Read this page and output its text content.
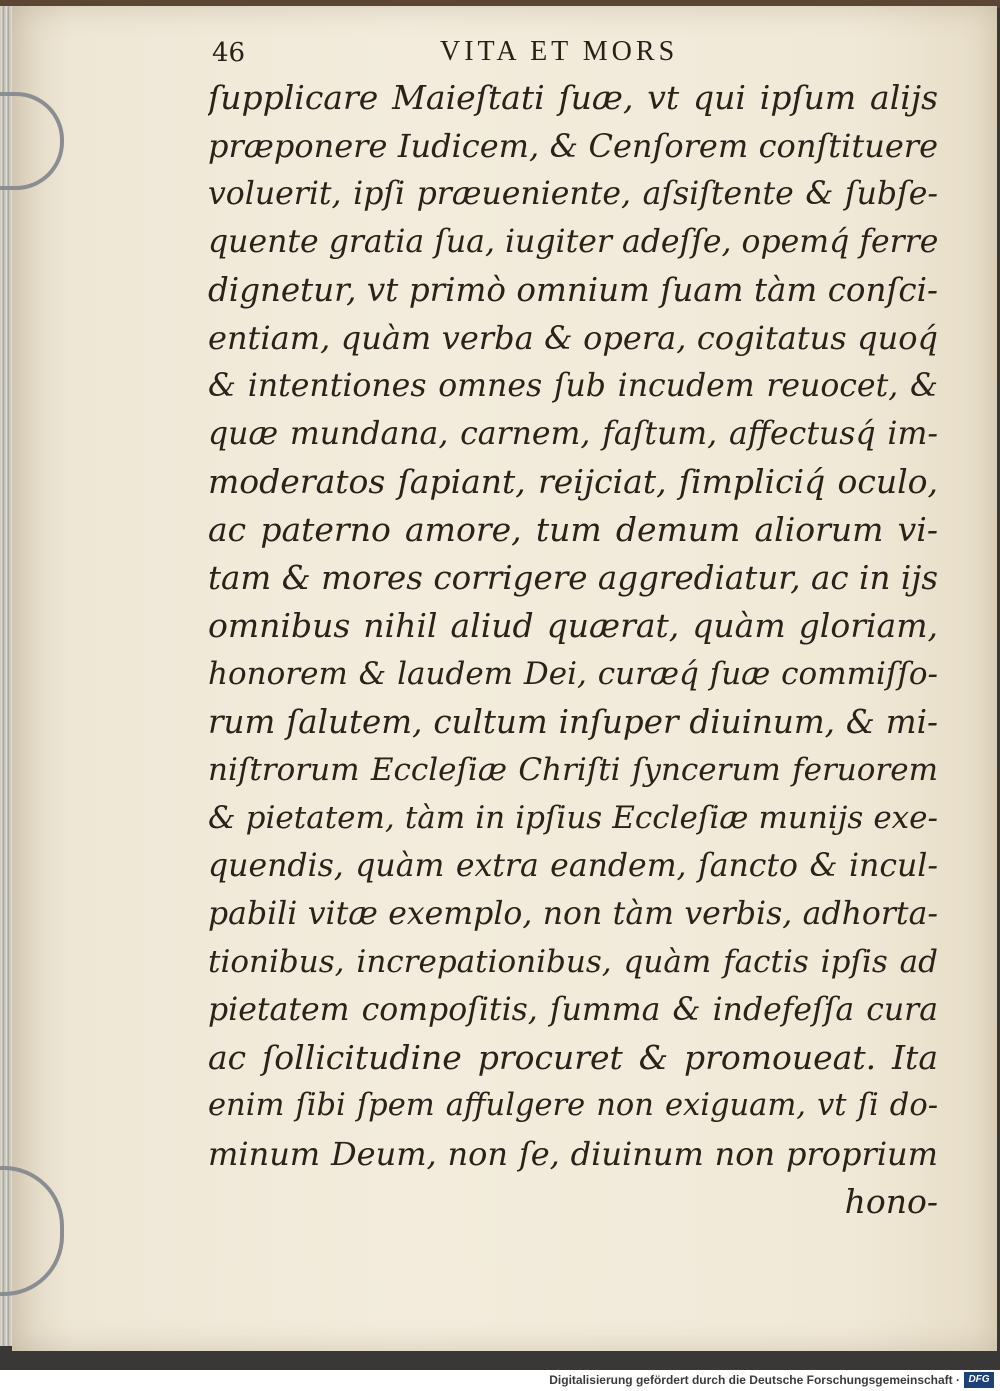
46	VITA ET MORS
ſupplicare Maieſtati ſuæ, vt qui ipſum alijs
præponere Iudicem, & Cenſorem conſtituere
voluerit, ipſi præueniente, aſsiſtente & ſubſe-
quente gratia ſua, iugiter adeſſe, opemq́ ferre
dignetur, vt primò omnium ſuam tàm conſci-
entiam, quàm verba & opera, cogitatus quoq́
& intentiones omnes ſub incudem reuocet, &
quæ mundana, carnem, faſtum, affectusq́ im-
moderatos ſapiant, reijciat, ſimpliciq́ oculo,
ac paterno amore, tum demum aliorum vi-
tam & mores corrigere aggrediatur, ac in ijs
omnibus nihil aliud quærat, quàm gloriam,
honorem & laudem Dei, curæq́ ſuæ commiſſo-
rum ſalutem, cultum inſuper diuinum, & mi-
niſtrorum Eccleſiæ Chriſti ſyncerum feruorem
& pietatem, tàm in ipſius Eccleſiæ munijs exe-
quendis, quàm extra eandem, ſancto & incul-
pabili vitæ exemplo, non tàm verbis, adhorta-
tionibus, increpationibus, quàm factis ipſis ad
pietatem compoſitis, ſumma & indefeſſa cura
ac ſollicitudine procuret & promoueat. Ita
enim ſibi ſpem affulgere non exiguam, vt ſi do-
minum Deum, non ſe, diuinum non proprium
hono-
Digitalisierung gefördert durch die Deutsche Forschungsgemeinschaft · DFG
